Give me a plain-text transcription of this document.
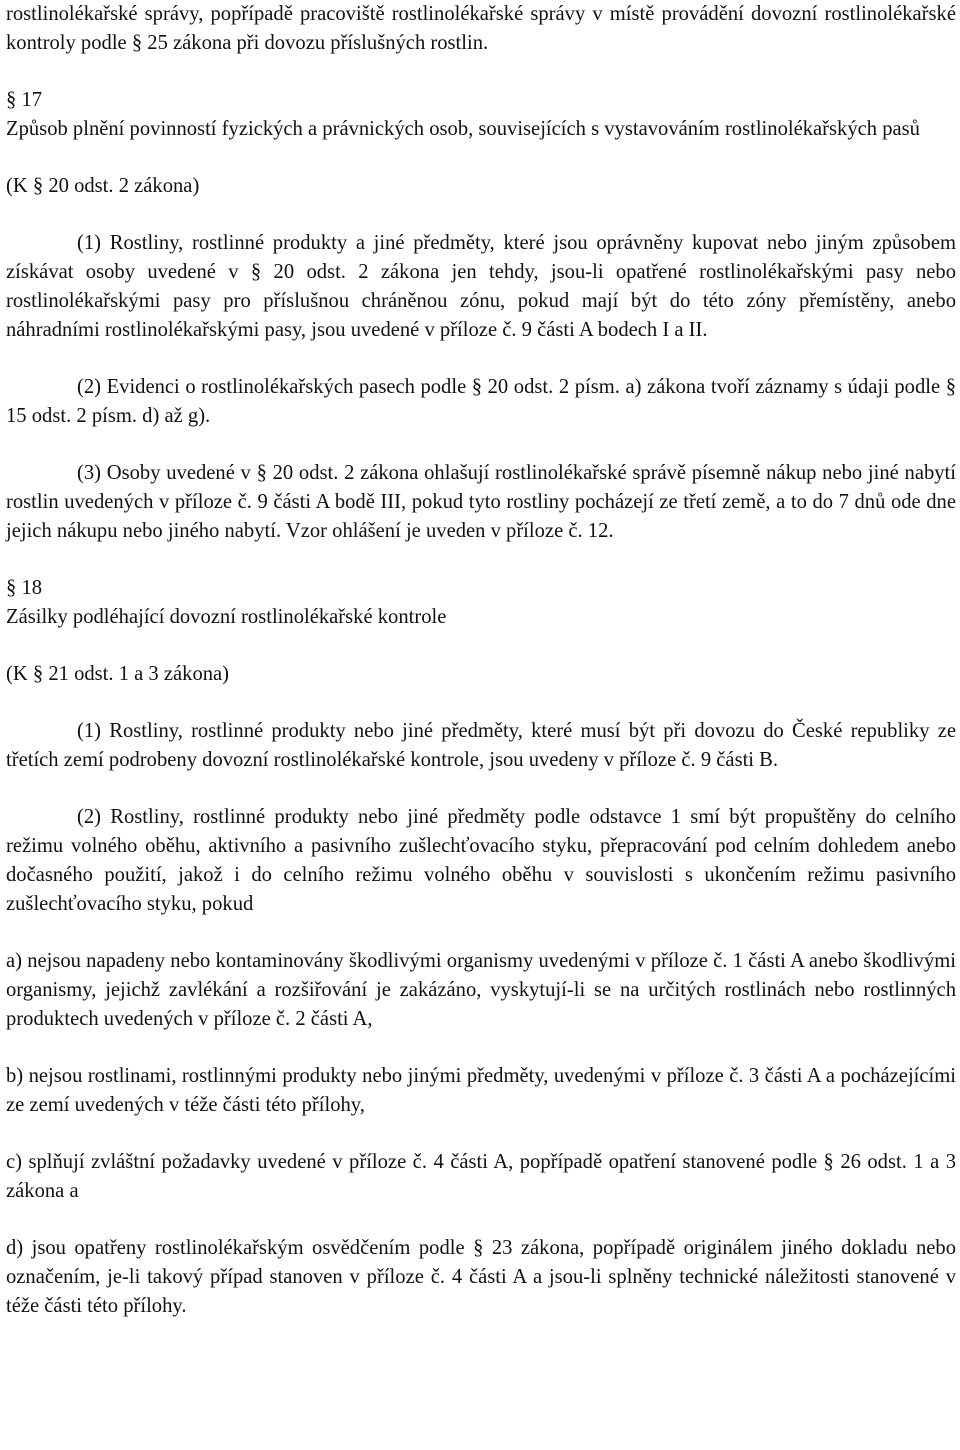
rostlinolékařské správy, popřípadě pracoviště rostlinolékařské správy v místě provádění dovozní rostlinolékařské kontroly podle § 25 zákona při dovozu příslušných rostlin.

§ 17

Způsob plnění povinností fyzických a právnických osob, souvisejících s vystavováním rostlinolékařských pasů

(K § 20 odst. 2 zákona)

(1) Rostliny, rostlinné produkty a jiné předměty, které jsou oprávněny kupovat nebo jiným způsobem získávat osoby uvedené v § 20 odst. 2 zákona jen tehdy, jsou-li opatřené rostlinolékařskými pasy nebo rostlinolékařskými pasy pro příslušnou chráněnou zónu, pokud mají být do této zóny přemístěny, anebo náhradními rostlinolékařskými pasy, jsou uvedené v příloze č. 9 části A bodech I a II.

(2) Evidenci o rostlinolékařských pasech podle § 20 odst. 2 písm. a) zákona tvoří záznamy s údaji podle § 15 odst. 2 písm. d) až g).

(3) Osoby uvedené v § 20 odst. 2 zákona ohlašují rostlinolékařské správě písemně nákup nebo jiné nabytí rostlin uvedených v příloze č. 9 části A bodě III, pokud tyto rostliny pocházejí ze třetí země, a to do 7 dnů ode dne jejich nákupu nebo jiného nabytí. Vzor ohlášení je uveden v příloze č. 12.

§ 18

Zásilky podléhající dovozní rostlinolékařské kontrole

(K § 21 odst. 1 a 3 zákona)

(1) Rostliny, rostlinné produkty nebo jiné předměty, které musí být při dovozu do České republiky ze třetích zemí podrobeny dovozní rostlinolékařské kontrole, jsou uvedeny v příloze č. 9 části B.

(2) Rostliny, rostlinné produkty nebo jiné předměty podle odstavce 1 smí být propuštěny do celního režimu volného oběhu, aktivního a pasivního zušlechťovacího styku, přepracování pod celním dohledem anebo dočasného použití, jakož i do celního režimu volného oběhu v souvislosti s ukončením režimu pasivního zušlechťovacího styku, pokud

a) nejsou napadeny nebo kontaminovány škodlivými organismy uvedenými v příloze č. 1 části A anebo škodlivými organismy, jejichž zavlékání a rozšiřování je zakázáno, vyskytují-li se na určitých rostlinách nebo rostlinných produktech uvedených v příloze č. 2 části A,

b) nejsou rostlinami, rostlinnými produkty nebo jinými předměty, uvedenými v příloze č. 3 části A a pocházejícími ze zemí uvedených v téže části této přílohy,

c) splňují zvláštní požadavky uvedené v příloze č. 4 části A, popřípadě opatření stanovené podle § 26 odst. 1 a 3 zákona a

d) jsou opatřeny rostlinolékařským osvědčením podle § 23 zákona, popřípadě originálem jiného dokladu nebo označením, je-li takový případ stanoven v příloze č. 4 části A a jsou-li splněny technické náležitosti stanovené v téže části této přílohy.
